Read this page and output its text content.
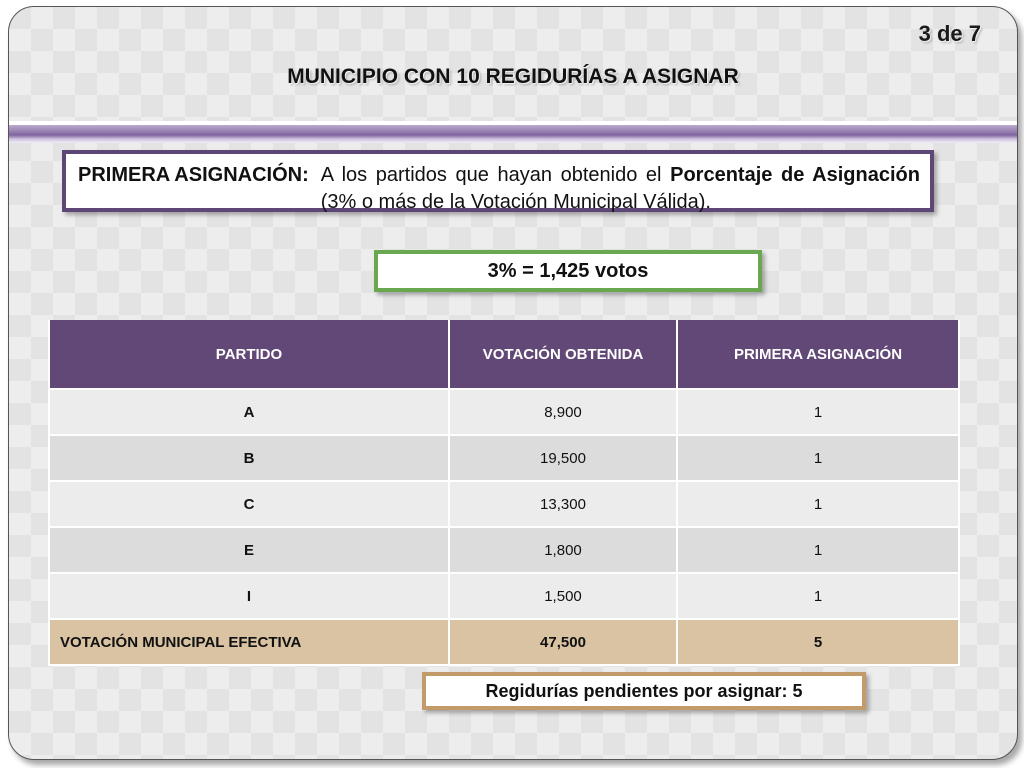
3 de 7
MUNICIPIO CON 10 REGIDURÍAS A ASIGNAR
PRIMERA ASIGNACIÓN: A los partidos que hayan obtenido el Porcentaje de Asignación (3% o más de la Votación Municipal Válida).
3% = 1,425 votos
PARTIDO	VOTACIÓN OBTENIDA	PRIMERA ASIGNACIÓN
A	8,900	1
B	19,500	1
C	13,300	1
E	1,800	1
I	1,500	1
VOTACIÓN MUNICIPAL EFECTIVA	47,500	5
Regidurías pendientes por asignar: 5
